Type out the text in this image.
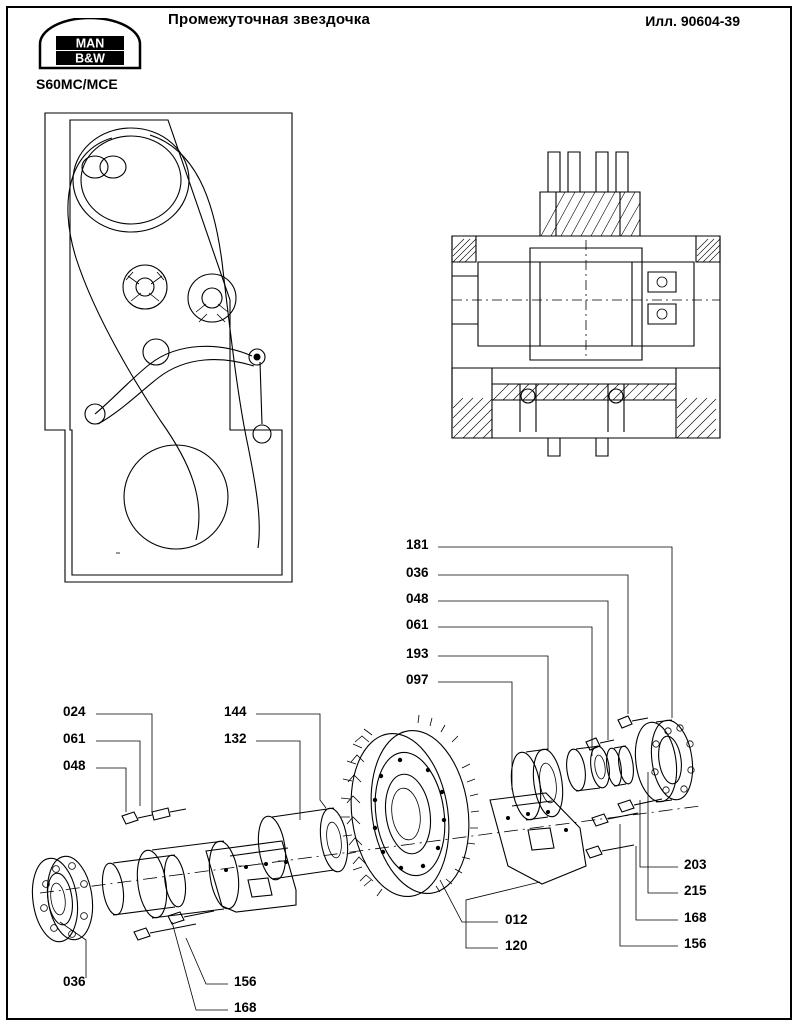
Промежуточная звездочка	Илл. 90604-39
MAN
B&W
S60MC/MCE
181
036
048
061
193
097
024
061
048
144
132
203
215
168
156
012
120
036	156
168
